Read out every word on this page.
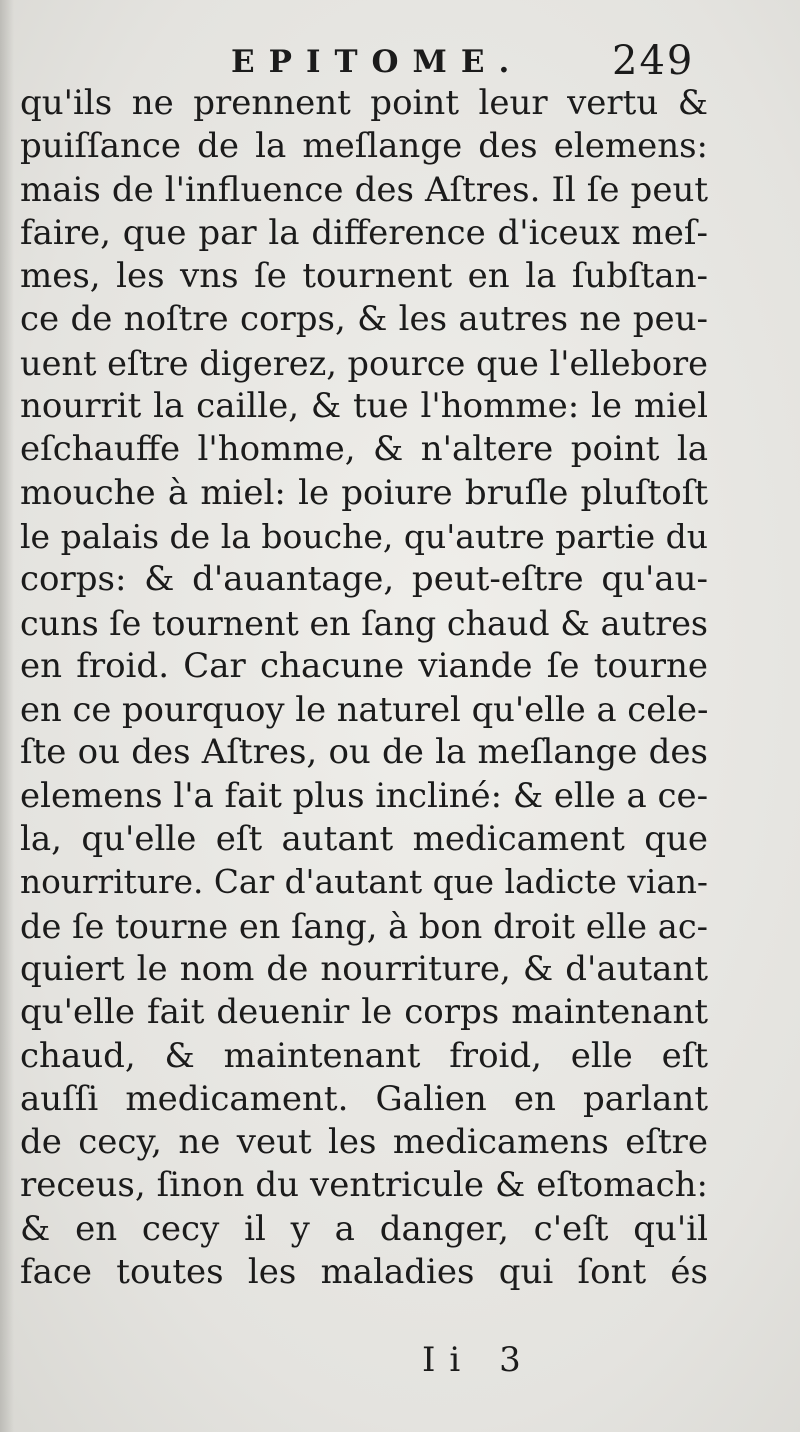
EPITOME. 249
qu'ils ne prennent point leur vertu &
puiſſance de la meſlange des elemens:
mais de l'influence des Aſtres. Il ſe peut
faire, que par la difference d'iceux meſ-
mes, les vns ſe tournent en la ſubſtan-
ce de noſtre corps, & les autres ne peu-
uent eſtre digerez, pource que l'ellebore
nourrit la caille, & tue l'homme: le miel
eſchauffe l'homme, & n'altere point la
mouche à miel: le poiure bruſle pluſtoſt
le palais de la bouche, qu'autre partie du
corps: & d'auantage, peut-eſtre qu'au-
cuns ſe tournent en ſang chaud & autres
en froid. Car chacune viande ſe tourne
en ce pourquoy le naturel qu'elle a cele-
ſte ou des Aſtres, ou de la meſlange des
elemens l'a fait plus incliné: & elle a ce-
la, qu'elle eſt autant medicament que
nourriture. Car d'autant que ladicte vian-
de ſe tourne en ſang, à bon droit elle ac-
quiert le nom de nourriture, & d'autant
qu'elle fait deuenir le corps maintenant
chaud, & maintenant froid, elle eſt
auſſi medicament. Galien en parlant
de cecy, ne veut les medicamens eſtre
receus, ſinon du ventricule & eſtomach:
& en cecy il y a danger, c'eſt qu'il
face toutes les maladies qui ſont és
Ii 3
